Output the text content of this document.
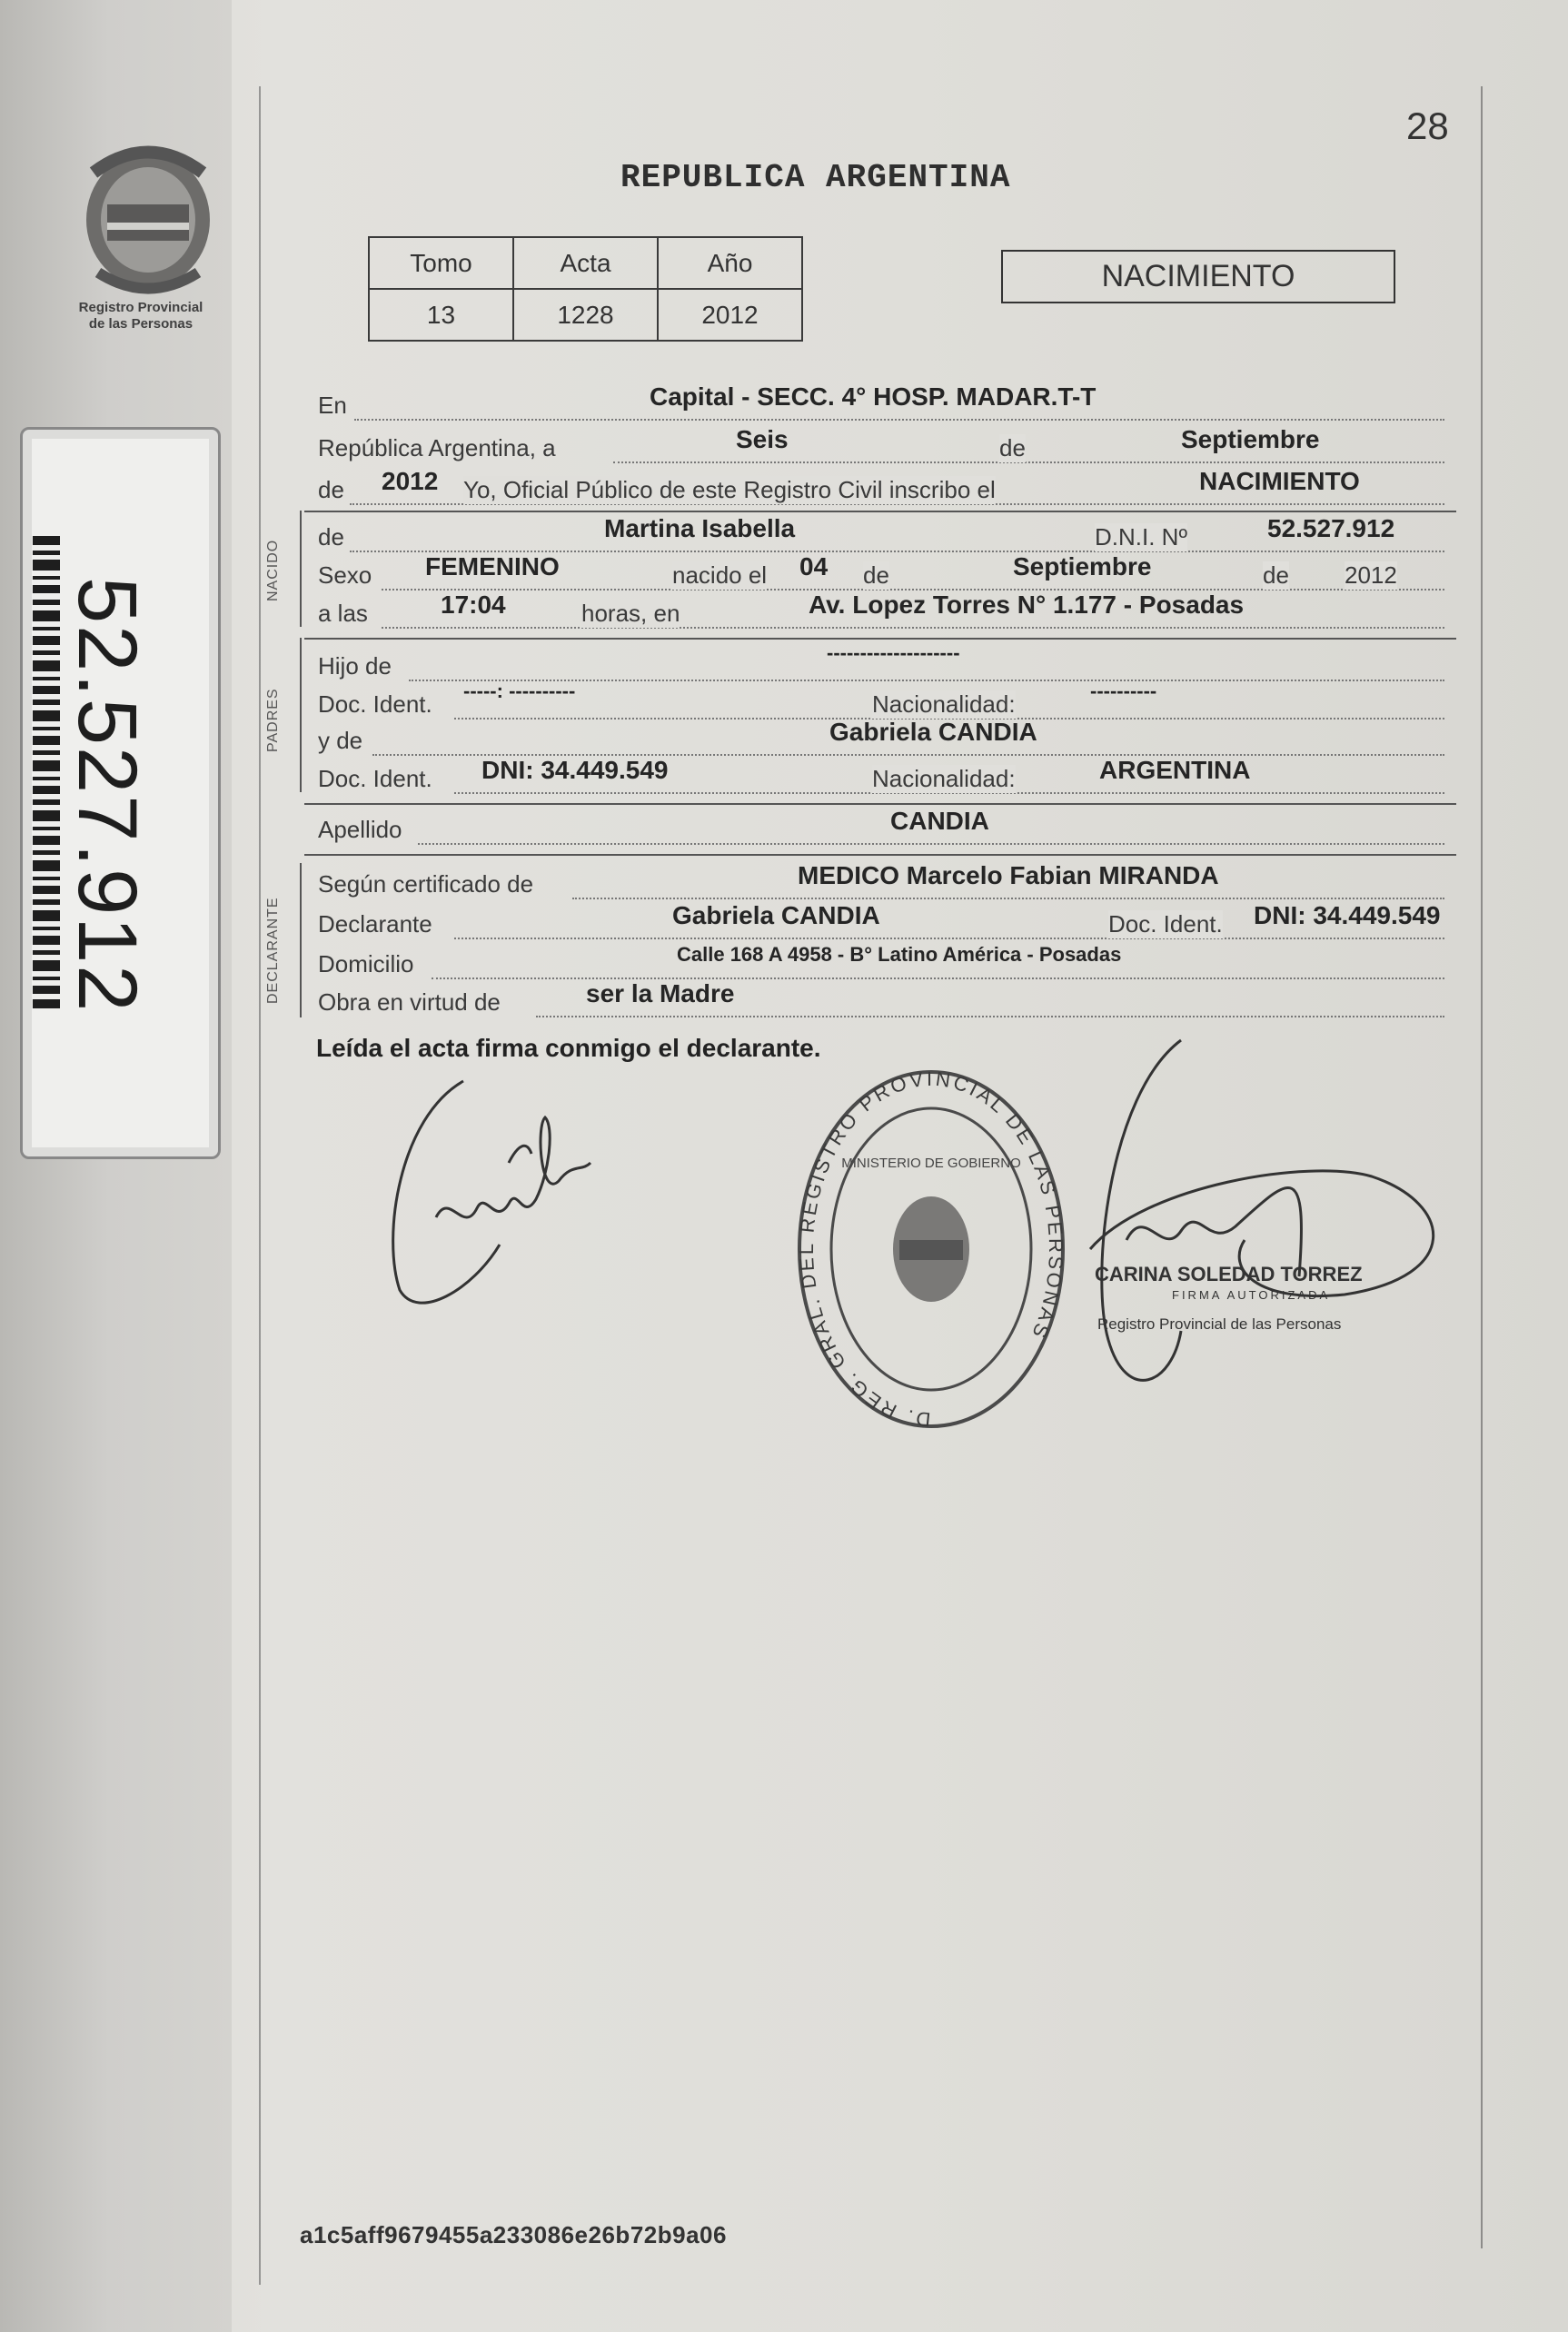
Registro Provincial
de las Personas
52.527.912
28
REPUBLICA ARGENTINA
Tomo	Acta	Año
13	1228	2012
NACIMIENTO
En	Capital - SECC. 4° HOSP. MADAR.T-T
República Argentina, a	Seis	de	Septiembre
de 2012 Yo, Oficial Público de este Registro Civil inscribo el	NACIMIENTO
NACIDO
de	Martina Isabella	D.N.I. Nº	52.527.912
Sexo FEMENINO	nacido el 04 de	Septiembre	de 2012
a las	17:04	horas, en	Av. Lopez Torres N° 1.177 - Posadas
PADRES
Hijo de	--------------------
Doc. Ident. -----: ----------	Nacionalidad:	----------
y de	Gabriela CANDIA
Doc. Ident. DNI: 34.449.549	Nacionalidad:	ARGENTINA
Apellido	CANDIA
DECLARANTE
Según certificado de	MEDICO Marcelo Fabian MIRANDA
Declarante	Gabriela CANDIA	Doc. Ident. DNI: 34.449.549
Domicilio	Calle 168 A 4958 - B° Latino América - Posadas
Obra en virtud de	ser la Madre
Leída el acta firma conmigo el declarante.
D. REG. GRAL. DEL REGISTRO PROVINCIAL DE LAS PERSONAS
MINISTERIO DE GOBIERNO
CARINA SOLEDAD TORREZ
FIRMA AUTORIZADA
Registro Provincial de las Personas
a1c5aff9679455a233086e26b72b9a06
